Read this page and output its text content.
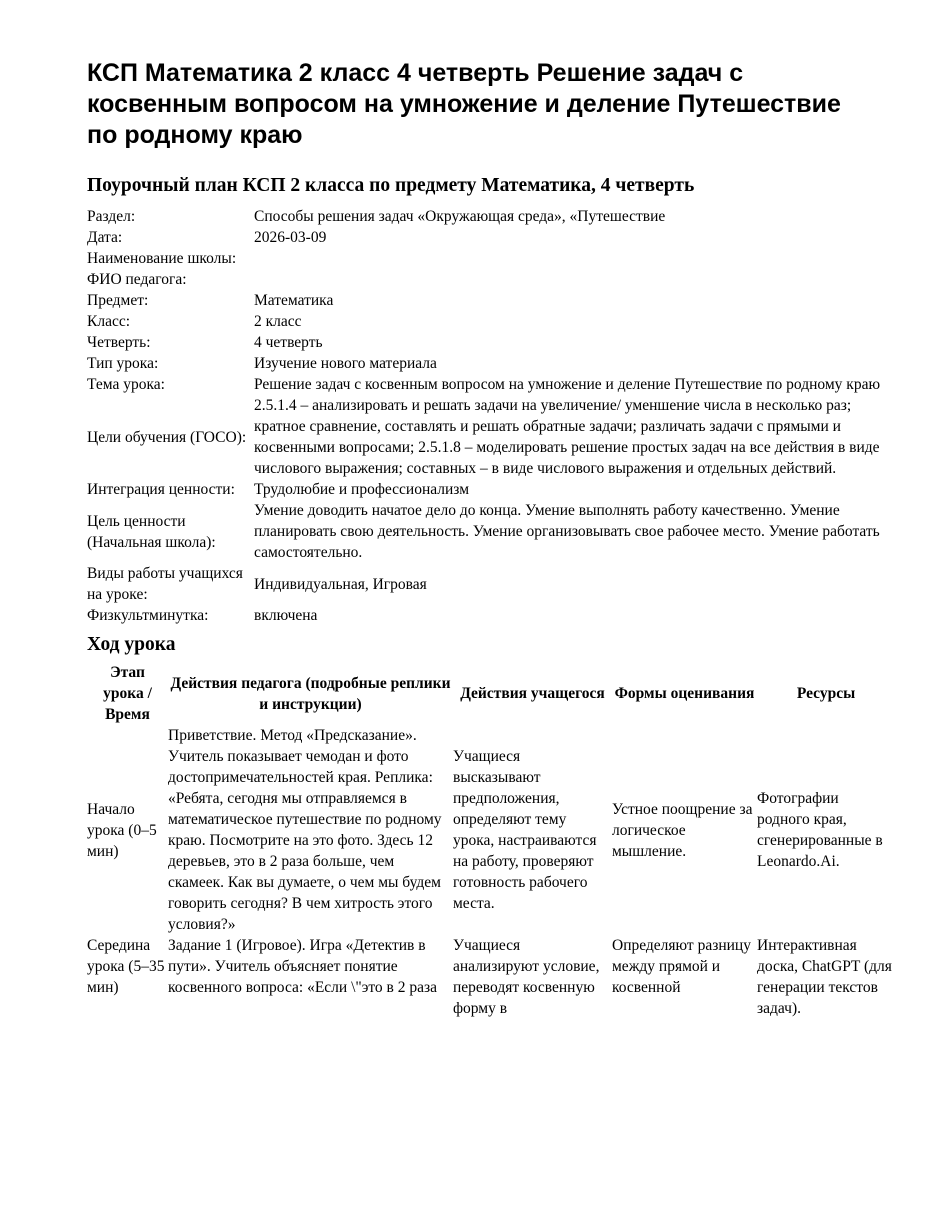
КСП Математика 2 класс 4 четверть Решение задач с косвенным вопросом на умножение и деление Путешествие по родному краю
Поурочный план КСП 2 класса по предмету Математика, 4 четверть
Раздел:	Способы решения задач «Окружающая среда», «Путешествие
Дата:	2026-03-09
Наименование школы:	
ФИО педагога:	
Предмет:	Математика
Класс:	2 класс
Четверть:	4 четверть
Тип урока:	Изучение нового материала
Тема урока:	Решение задач с косвенным вопросом на умножение и деление Путешествие по родному краю
Цели обучения (ГОСО):	2.5.1.4 – анализировать и решать задачи на увеличение/ уменшение числа в несколько раз; кратное сравнение, составлять и решать обратные задачи; различать задачи с прямыми и косвенными вопросами; 2.5.1.8 – моделировать решение простых задач на все действия в виде числового выражения; составных – в виде числового выражения и отдельных действий.
Интеграция ценности:	Трудолюбие и профессионализм
Цель ценности (Начальная школа):	Умение доводить начатое дело до конца. Умение выполнять работу качественно. Умение планировать свою деятельность. Умение организовывать свое рабочее место. Умение работать самостоятельно.
Виды работы учащихся на уроке:	Индивидуальная, Игровая
Физкультминутка:	включена
Ход урока
Этап урока / Время	Действия педагога (подробные реплики и инструкции)	Действия учащегося	Формы оценивания	Ресурсы
Начало урока (0–5 мин)	Приветствие. Метод «Предсказание». Учитель показывает чемодан и фото достопримечательностей края. Реплика: «Ребята, сегодня мы отправляемся в математическое путешествие по родному краю. Посмотрите на это фото. Здесь 12 деревьев, это в 2 раза больше, чем скамеек. Как вы думаете, о чем мы будем говорить сегодня? В чем хитрость этого условия?»	Учащиеся высказывают предположения, определяют тему урока, настраиваются на работу, проверяют готовность рабочего места.	Устное поощрение за логическое мышление.	Фотографии родного края, сгенерированные в Leonardo.Ai.

Середина урока (5–35 мин)	Задание 1 (Игровое). Игра «Детектив в пути». Учитель объясняет понятие косвенного вопроса: «Если \"это в 2 раза	Учащиеся анализируют условие, переводят косвенную форму в	Определяют разницу между прямой и косвенной	Интерактивная доска, ChatGPT (для генерации текстов задач).
